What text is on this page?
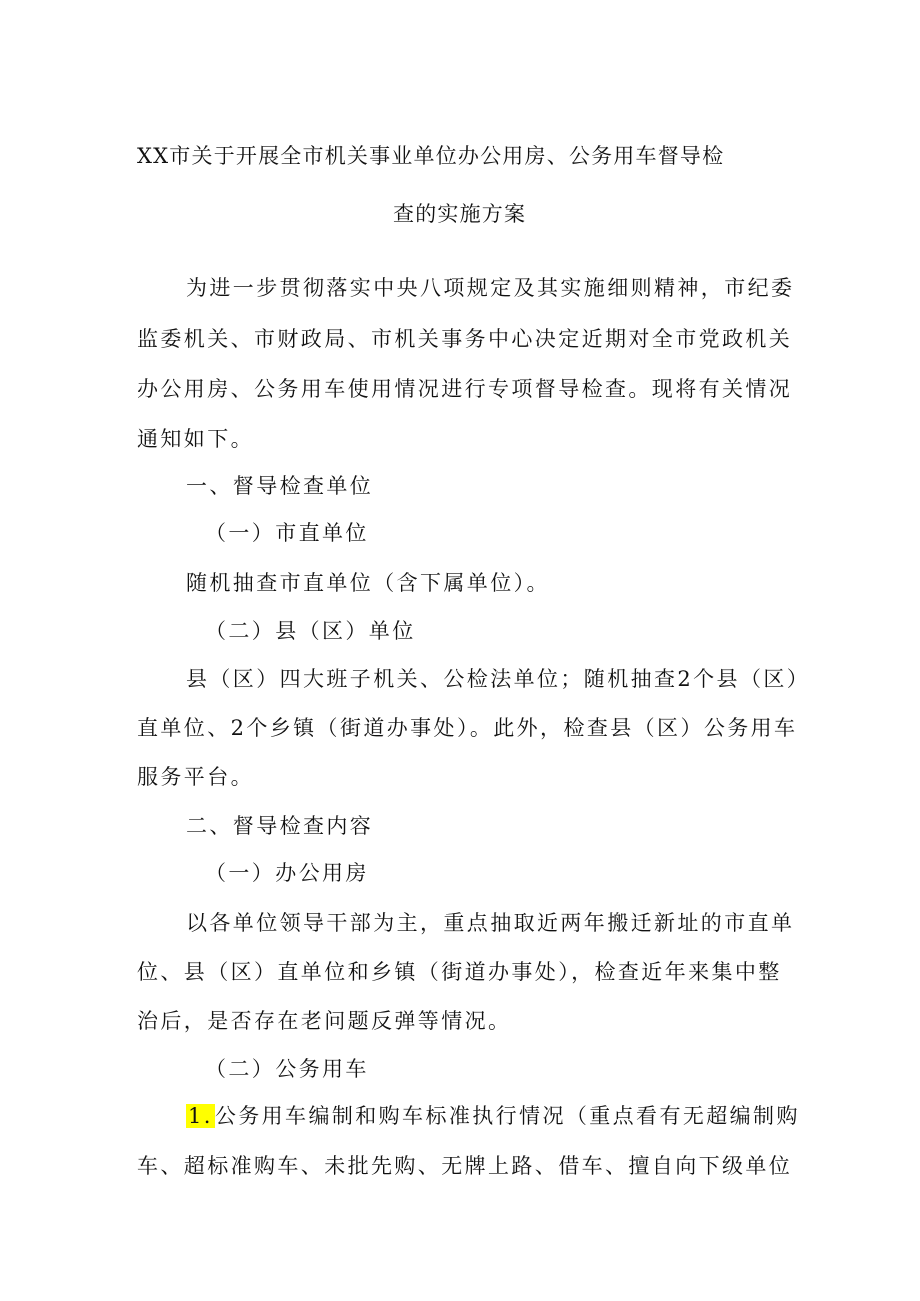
XX市关于开展全市机关事业单位办公用房、公务用车督导检
查的实施方案
为进一步贯彻落实中央八项规定及其实施细则精神，市纪委
监委机关、市财政局、市机关事务中心决定近期对全市党政机关
办公用房、公务用车使用情况进行专项督导检查。现将有关情况
通知如下。
一、督导检查单位
（一）市直单位
随机抽查市直单位（含下属单位）。
（二）县（区）单位
县（区）四大班子机关、公检法单位；随机抽查2个县（区）
直单位、2个乡镇（街道办事处）。此外，检查县（区）公务用车
服务平台。
二、督导检查内容
（一）办公用房
以各单位领导干部为主，重点抽取近两年搬迁新址的市直单
位、县（区）直单位和乡镇（街道办事处），检查近年来集中整
治后，是否存在老问题反弹等情况。
（二）公务用车
1.公务用车编制和购车标准执行情况（重点看有无超编制购
车、超标准购车、未批先购、无牌上路、借车、擅自向下级单位
